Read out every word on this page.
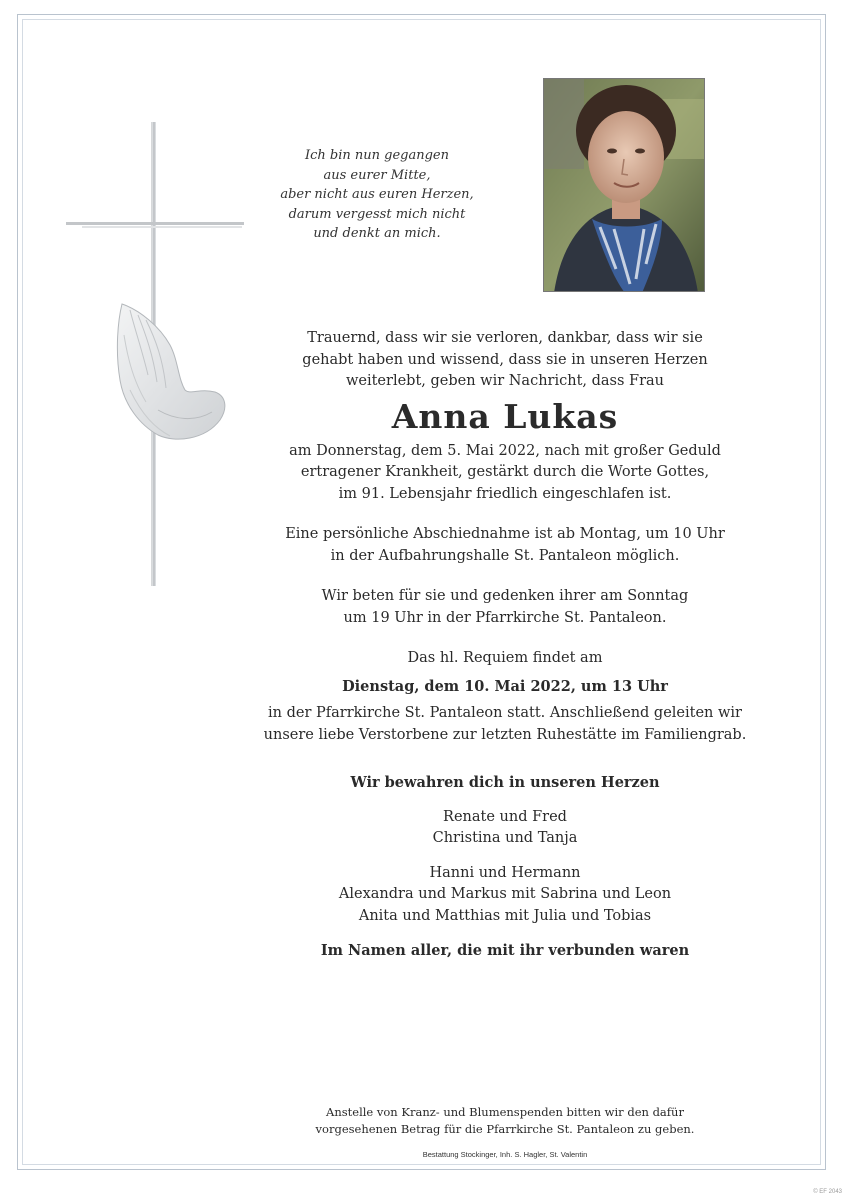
Ich bin nun gegangen
aus eurer Mitte,
aber nicht aus euren Herzen,
darum vergesst mich nicht
und denkt an mich.
Trauernd, dass wir sie verloren, dankbar, dass wir sie
gehabt haben und wissend, dass sie in unseren Herzen
weiterlebt, geben wir Nachricht, dass Frau
Anna Lukas
am Donnerstag, dem 5. Mai 2022, nach mit großer Geduld
ertragener Krankheit, gestärkt durch die Worte Gottes,
im 91. Lebensjahr friedlich eingeschlafen ist.
Eine persönliche Abschiednahme ist ab Montag, um 10 Uhr
in der Aufbahrungshalle St. Pantaleon möglich.
Wir beten für sie und gedenken ihrer am Sonntag
um 19 Uhr in der Pfarrkirche St. Pantaleon.
Das hl. Requiem findet am
Dienstag, dem 10. Mai 2022, um 13 Uhr
in der Pfarrkirche St. Pantaleon statt. Anschließend geleiten wir
unsere liebe Verstorbene zur letzten Ruhestätte im Familiengrab.
Wir bewahren dich in unseren Herzen
Renate und Fred
Christina und Tanja
Hanni und Hermann
Alexandra und Markus mit Sabrina und Leon
Anita und Matthias mit Julia und Tobias
Im Namen aller, die mit ihr verbunden waren
Anstelle von Kranz- und Blumenspenden bitten wir den dafür
vorgesehenen Betrag für die Pfarrkirche St. Pantaleon zu geben.
Bestattung Stockinger, Inh. S. Hagler, St. Valentin
© EF 2043
